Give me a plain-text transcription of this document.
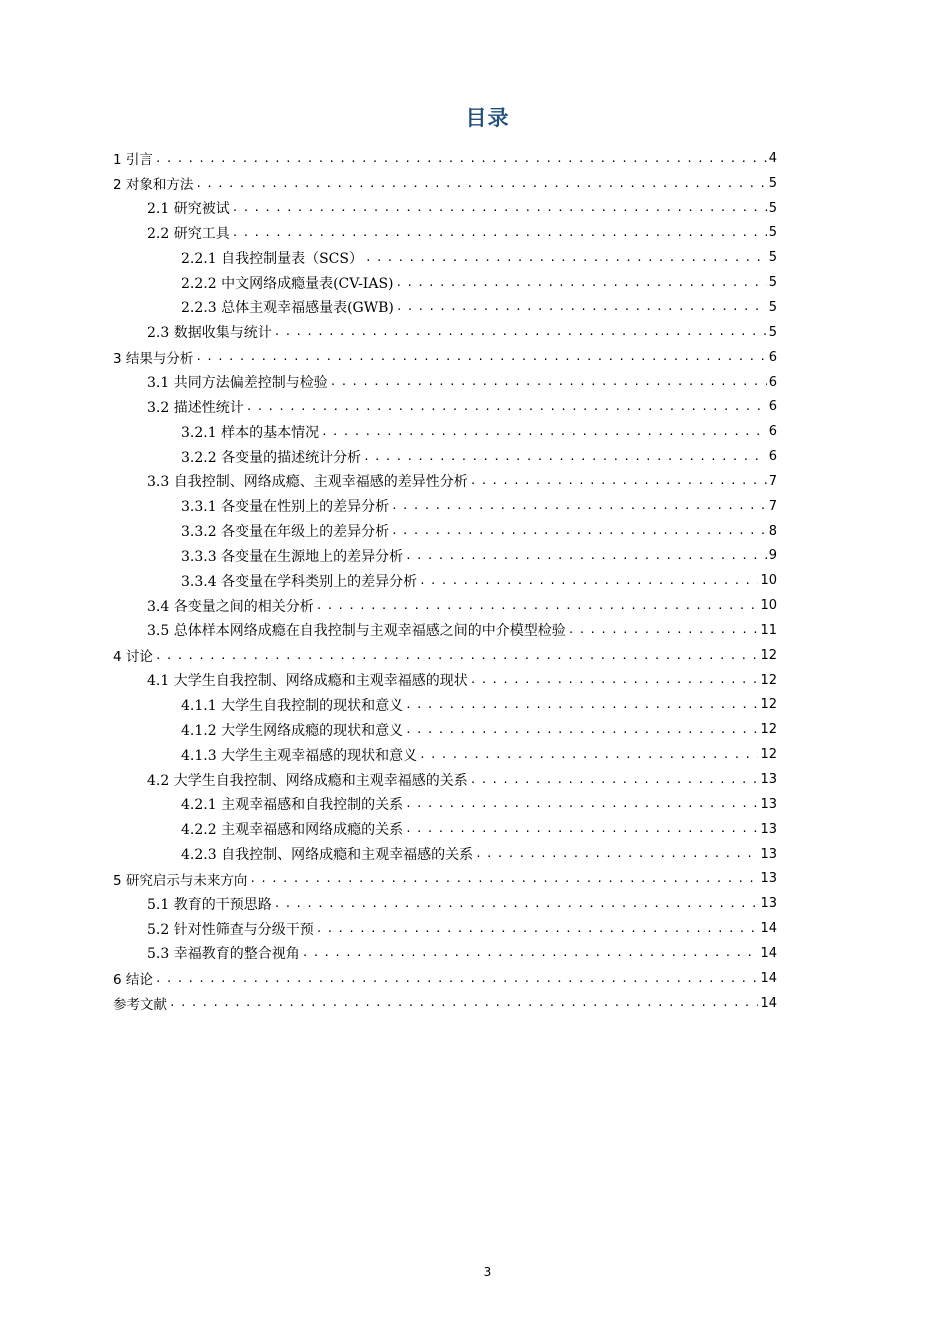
目录
1 引言 . . .	4
2 对象和方法 . . .	5
2.1 研究被试 . . .	5
2.2 研究工具 . . .	5
2.2.1 自我控制量表（SCS） . . .	5
2.2.2 中文网络成瘾量表(CV-IAS) . . .	5
2.2.3 总体主观幸福感量表(GWB) . . .	5
2.3 数据收集与统计 . . .	5
3 结果与分析 . . .	6
3.1 共同方法偏差控制与检验 . . .	6
3.2 描述性统计 . . .	6
3.2.1 样本的基本情况 . . .	6
3.2.2 各变量的描述统计分析 . . .	6
3.3 自我控制、网络成瘾、主观幸福感的差异性分析 . . .	7
3.3.1 各变量在性别上的差异分析 . . .	7
3.3.2 各变量在年级上的差异分析 . . .	8
3.3.3 各变量在生源地上的差异分析 . . .	9
3.3.4 各变量在学科类别上的差异分析 . . .	10
3.4 各变量之间的相关分析 . . .	10
3.5 总体样本网络成瘾在自我控制与主观幸福感之间的中介模型检验 . . .	11
4 讨论 . . .	12
4.1 大学生自我控制、网络成瘾和主观幸福感的现状 . . .	12
4.1.1 大学生自我控制的现状和意义 . . .	12
4.1.2 大学生网络成瘾的现状和意义 . . .	12
4.1.3 大学生主观幸福感的现状和意义 . . .	12
4.2 大学生自我控制、网络成瘾和主观幸福感的关系 . . .	13
4.2.1 主观幸福感和自我控制的关系 . . .	13
4.2.2 主观幸福感和网络成瘾的关系 . . .	13
4.2.3 自我控制、网络成瘾和主观幸福感的关系 . . .	13
5 研究启示与未来方向 . . .	13
5.1 教育的干预思路 . . .	13
5.2 针对性筛查与分级干预 . . .	14
5.3 幸福教育的整合视角 . . .	14
6 结论 . . .	14
参考文献 . . .	14
3
